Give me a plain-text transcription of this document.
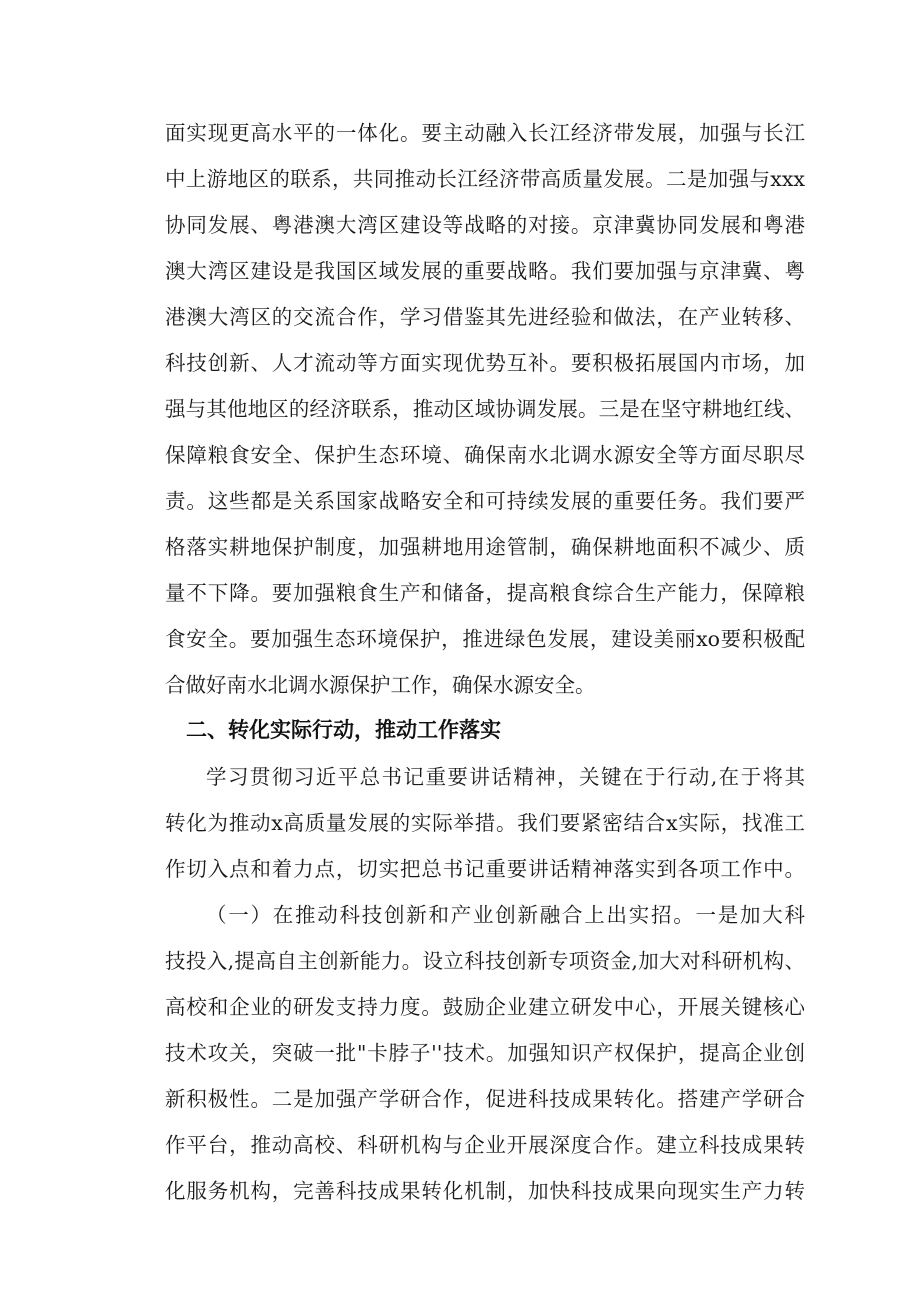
面实现更高水平的一体化。要主动融入长江经济带发展，加强与长江
中上游地区的联系，共同推动长江经济带高质量发展。二是加强与xxx
协同发展、粤港澳大湾区建设等战略的对接。京津冀协同发展和粤港
澳大湾区建设是我国区域发展的重要战略。我们要加强与京津冀、粤
港澳大湾区的交流合作，学习借鉴其先进经验和做法，在产业转移、
科技创新、人才流动等方面实现优势互补。要积极拓展国内市场，加
强与其他地区的经济联系，推动区域协调发展。三是在坚守耕地红线、
保障粮食安全、保护生态环境、确保南水北调水源安全等方面尽职尽
责。这些都是关系国家战略安全和可持续发展的重要任务。我们要严
格落实耕地保护制度，加强耕地用途管制，确保耕地面积不减少、质
量不下降。要加强粮食生产和储备，提高粮食综合生产能力，保障粮
食安全。要加强生态环境保护，推进绿色发展，建设美丽xo要积极配
合做好南水北调水源保护工作，确保水源安全。
二、转化实际行动，推动工作落实
学习贯彻习近平总书记重要讲话精神，关键在于行动,在于将其
转化为推动x高质量发展的实际举措。我们要紧密结合x实际，找准工
作切入点和着力点，切实把总书记重要讲话精神落实到各项工作中。
（一）在推动科技创新和产业创新融合上出实招。一是加大科
技投入,提高自主创新能力。设立科技创新专项资金,加大对科研机构、
高校和企业的研发支持力度。鼓励企业建立研发中心，开展关键核心
技术攻关，突破一批"卡脖子''技术。加强知识产权保护，提高企业创
新积极性。二是加强产学研合作，促进科技成果转化。搭建产学研合
作平台，推动高校、科研机构与企业开展深度合作。建立科技成果转
化服务机构，完善科技成果转化机制，加快科技成果向现实生产力转
